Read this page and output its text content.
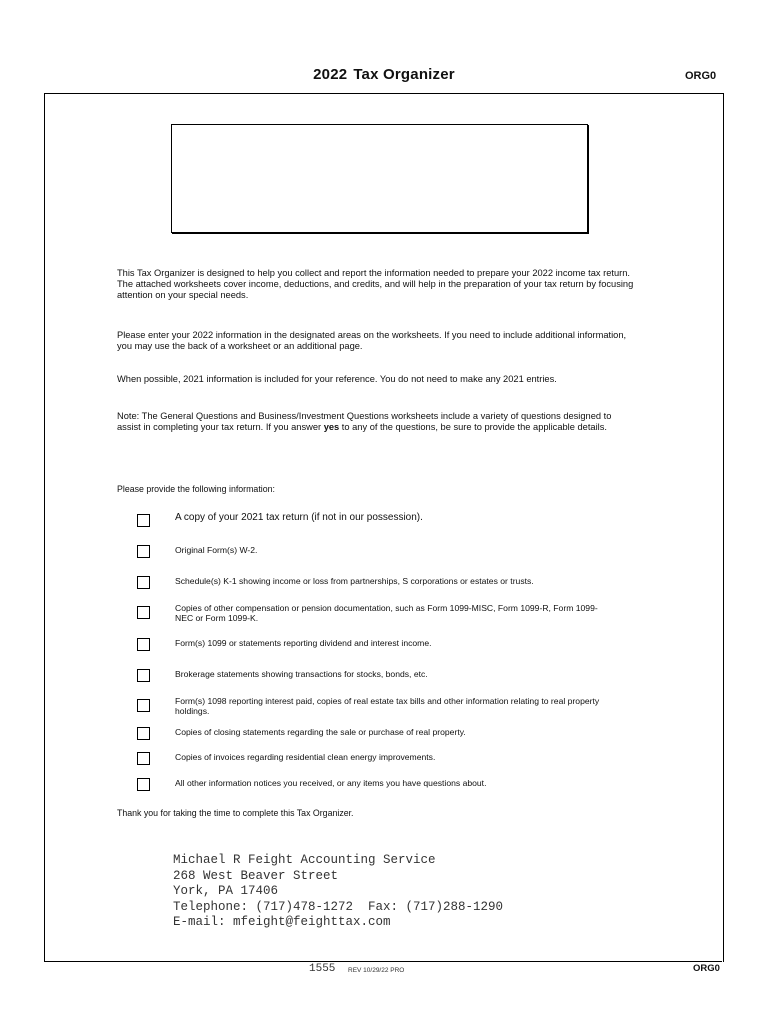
2022 Tax Organizer	ORG0
This Tax Organizer is designed to help you collect and report the information needed to prepare your 2022 income tax return. The attached worksheets cover income, deductions, and credits, and will help in the preparation of your tax return by focusing attention on your special needs.
Please enter your 2022 information in the designated areas on the worksheets. If you need to include additional information, you may use the back of a worksheet or an additional page.
When possible, 2021 information is included for your reference. You do not need to make any 2021 entries.
Note: The General Questions and Business/Investment Questions worksheets include a variety of questions designed to assist in completing your tax return. If you answer yes to any of the questions, be sure to provide the applicable details.
Please provide the following information:
A copy of your 2021 tax return (if not in our possession).
Original Form(s) W-2.
Schedule(s) K-1 showing income or loss from partnerships, S corporations or estates or trusts.
Copies of other compensation or pension documentation, such as Form 1099-MISC, Form 1099-R, Form 1099-NEC or Form 1099-K.
Form(s) 1099 or statements reporting dividend and interest income.
Brokerage statements showing transactions for stocks, bonds, etc.
Form(s) 1098 reporting interest paid, copies of real estate tax bills and other information relating to real property holdings.
Copies of closing statements regarding the sale or purchase of real property.
Copies of invoices regarding residential clean energy improvements.
All other information notices you received, or any items you have questions about.
Thank you for taking the time to complete this Tax Organizer.
Michael R Feight Accounting Service
268 West Beaver Street
York, PA 17406
Telephone: (717)478-1272  Fax: (717)288-1290
E-mail: mfeight@feighttax.com
1555 REV 10/29/22 PRO	ORG0
